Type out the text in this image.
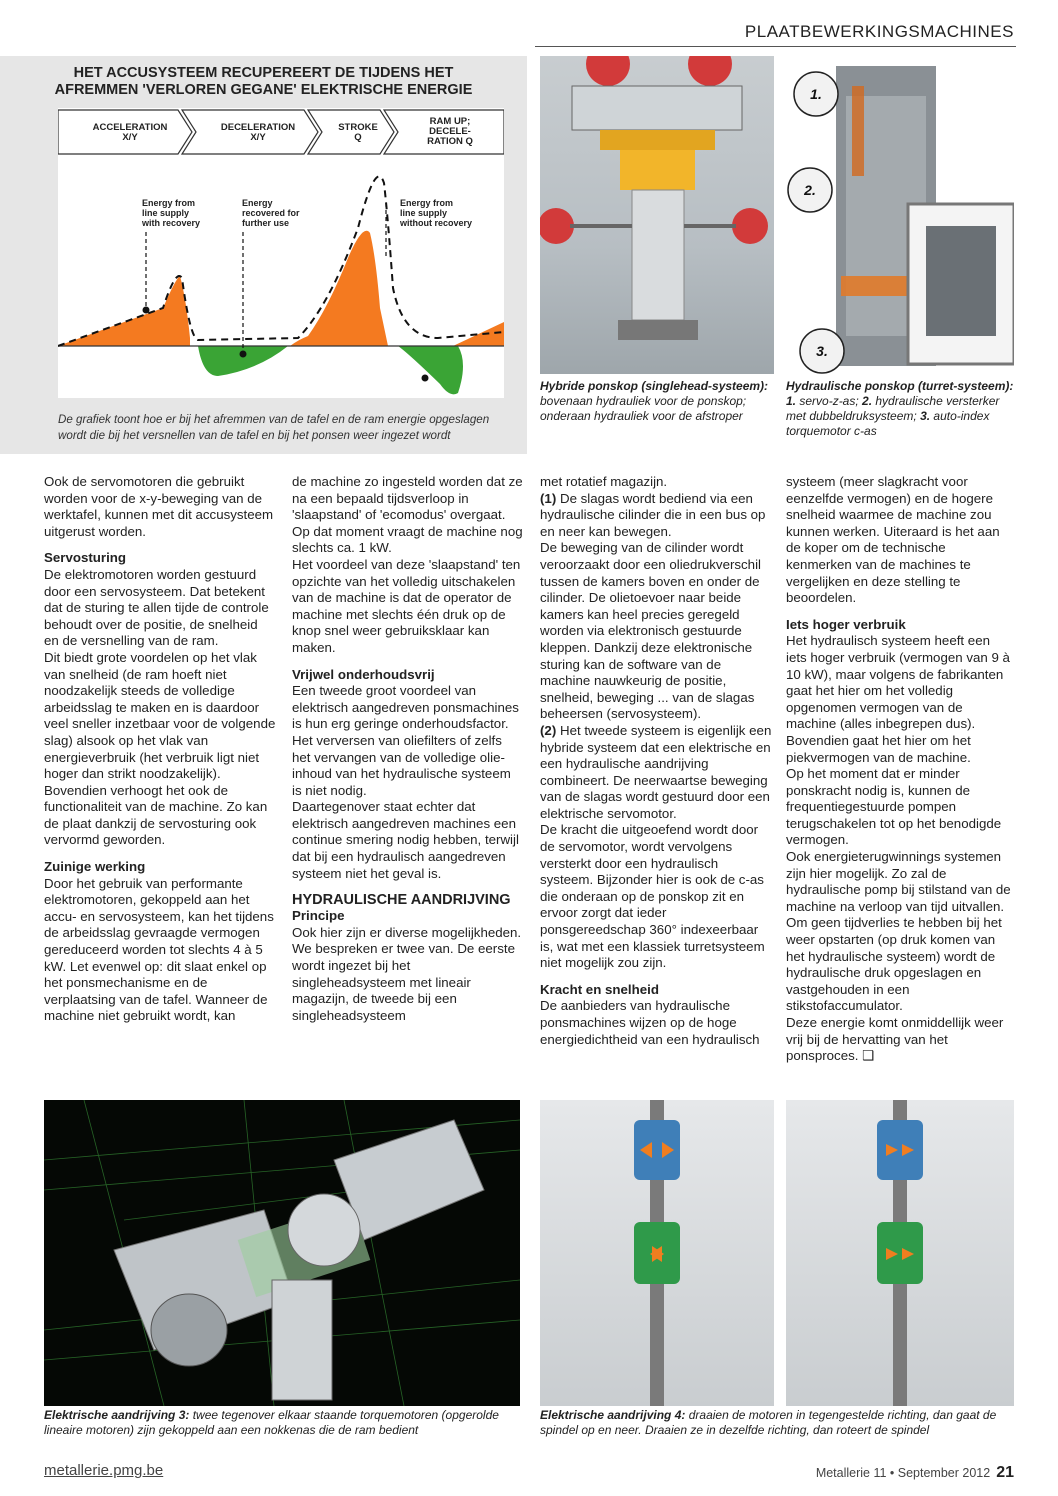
PLAATBEWERKINGSMACHINES
HET ACCUSYSTEEM RECUPEREERT DE TIJDENS HET
AFREMMEN 'VERLOREN GEGANE' ELEKTRISCHE ENERGIE
ACCELERATION
X/Y
DECELERATION
X/Y
STROKE
Q
RAM UP;
DECELE-
RATION Q
Energy from
line supply
with recovery
Energy
recovered for
further use
Energy from
line supply
without recovery
De grafiek toont hoe er bij het afremmen van de tafel en de ram energie opgeslagen wordt die bij het versnellen van de tafel en bij het ponsen weer ingezet wordt
Hybride ponskop (singlehead-systeem): bovenaan hydrauliek voor de ponskop; onderaan hydrauliek voor de afstroper
1.
2.
3.
Hydraulische ponskop (turret-systeem): 1. servo-z-as; 2. hydraulische versterker met dubbeldruksysteem; 3. auto-index torquemotor c-as

Ook de servomotoren die gebruikt worden voor de x-y-beweging van de werktafel, kunnen met dit accusysteem uitgerust worden.

Servosturing

De elektromotoren worden gestuurd door een servosysteem. Dat betekent dat de sturing te allen tijde de controle behoudt over de positie, de snelheid en de versnelling van de ram.

Dit biedt grote voordelen op het vlak van snelheid (de ram hoeft niet noodzakelijk steeds de volledige arbeidsslag te maken en is daardoor veel sneller inzetbaar voor de volgende slag) alsook op het vlak van energieverbruik (het verbruik ligt niet hoger dan strikt noodzakelijk).

Bovendien verhoogt het ook de functionaliteit van de machine. Zo kan de plaat dankzij de servosturing ook vervormd geworden.

Zuinige werking

Door het gebruik van performante elektromotoren, gekoppeld aan het accu- en servosysteem, kan het tijdens de arbeidsslag gevraagde vermogen gereduceerd worden tot slechts 4 à 5 kW. Let evenwel op: dit slaat enkel op het ponsmechanisme en de verplaatsing van de tafel. Wanneer de machine niet gebruikt wordt, kan

de machine zo ingesteld worden dat ze na een bepaald tijdsverloop in 'slaapstand' of 'ecomodus' overgaat. Op dat moment vraagt de machine nog slechts ca. 1 kW.

Het voordeel van deze 'slaapstand' ten opzichte van het volledig uitschakelen van de machine is dat de operator de machine met slechts één druk op de knop snel weer gebruiksklaar kan maken.

Vrijwel onderhoudsvrij

Een tweede groot voordeel van elektrisch aangedreven ponsmachines is hun erg geringe onderhoudsfactor. Het verversen van oliefilters of zelfs het vervangen van de volledige olie-inhoud van het hydraulische systeem is niet nodig.

Daartegenover staat echter dat elektrisch aangedreven machines een continue smering nodig hebben, terwijl dat bij een hydraulisch aangedreven systeem niet het geval is.

HYDRAULISCHE AANDRIJVING
Principe

Ook hier zijn er diverse mogelijkheden. We bespreken er twee van. De eerste wordt ingezet bij het singleheadsysteem met lineair magazijn, de tweede bij een singleheadsysteem

met rotatief magazijn.

(1) De slagas wordt bediend via een hydraulische cilinder die in een bus op en neer kan bewegen.

De beweging van de cilinder wordt veroorzaakt door een oliedrukverschil tussen de kamers boven en onder de cilinder. De olietoevoer naar beide kamers kan heel precies geregeld worden via elektronisch gestuurde kleppen. Dankzij deze elektronische sturing kan de software van de machine nauwkeurig de positie, snelheid, beweging ... van de slagas beheersen (servosysteem).

(2) Het tweede systeem is eigenlijk een hybride systeem dat een elektrische en een hydraulische aandrijving combineert. De neerwaartse beweging van de slagas wordt gestuurd door een elektrische servomotor.

De kracht die uitgeoefend wordt door de servomotor, wordt vervolgens versterkt door een hydraulisch systeem. Bijzonder hier is ook de c-as die onderaan op de ponskop zit en ervoor zorgt dat ieder ponsgereedschap 360° indexeerbaar is, wat met een klassiek turretsysteem niet mogelijk zou zijn.

Kracht en snelheid

De aanbieders van hydraulische ponsmachines wijzen op de hoge energiedichtheid van een hydraulisch

systeem (meer slagkracht voor eenzelfde vermogen) en de hogere snelheid waarmee de machine zou kunnen werken. Uiteraard is het aan de koper om de technische kenmerken van de machines te vergelijken en deze stelling te beoordelen.

Iets hoger verbruik

Het hydraulisch systeem heeft een iets hoger verbruik (vermogen van 9 à 10 kW), maar volgens de fabrikanten gaat het hier om het volledig opgenomen vermogen van de machine (alles inbegrepen dus). Bovendien gaat het hier om het piekvermogen van de machine.

Op het moment dat er minder ponskracht nodig is, kunnen de frequentiegestuurde pompen terugschakelen tot op het benodigde vermogen.

Ook energieterugwinnings systemen zijn hier mogelijk. Zo zal de hydraulische pomp bij stilstand van de machine na verloop van tijd uitvallen. Om geen tijdverlies te hebben bij het weer opstarten (op druk komen van het hydraulische systeem) wordt de hydraulische druk opgeslagen en vastgehouden in een stikstofaccumulator.

Deze energie komt onmiddellijk weer vrij bij de hervatting van het ponsproces. ❑

Elektrische aandrijving 3: twee tegenover elkaar staande torquemotoren (opgerolde lineaire motoren) zijn gekoppeld aan een nokkenas die de ram bedient
Elektrische aandrijving 4: draaien de motoren in tegengestelde richting, dan gaat de spindel op en neer. Draaien ze in dezelfde richting, dan roteert de spindel
metallerie.pmg.be	Metallerie 11 • September 2012 21
